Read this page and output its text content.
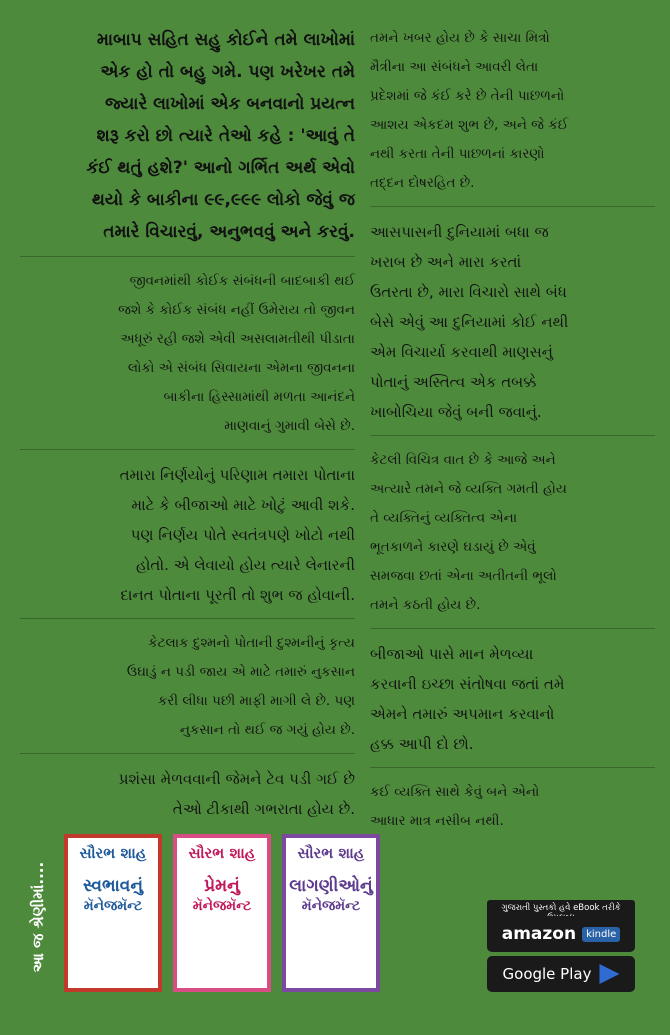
માબાપ સહિત સહુ કોઈને તમે લાખોમાં

એક હો તો બહુ ગમે. પણ ખરેખર તમે

જ્યારે લાખોમાં એક બનવાનો પ્રયત્ન

શરૂ કરો છો ત્યારે તેઓ કહે : 'આવું તે

કંઈ થતું હશે?' આનો ગર્ભિત અર્થ એવો

થયો કે બાકીના ૯૯,૯૯૯ લોકો જેવું જ

તમારે વિચારવું, અનુભવવું અને કરવું.

જીવનમાંથી કોઈક સંબંધની બાદબાકી થઈ

જશે કે કોઈક સંબંધ નહીં ઉમેરાય તો જીવન

અધૂરું રહી જશે એવી અસલામતીથી પીડાતા

લોકો એ સંબંધ સિવાયના એમના જીવનના

બાકીના હિસ્સામાંથી મળતા આનંદને

માણવાનું ગુમાવી બેસે છે.

તમારા નિર્ણયોનું પરિણામ તમારા પોતાના

માટે કે બીજાઓ માટે ખોટું આવી શકે.

પણ નિર્ણય પોતે સ્વતંત્રપણે ખોટો નથી

હોતો. એ લેવાયો હોય ત્યારે લેનારની

દાનત પોતાના પૂરતી તો શુભ જ હોવાની.

કેટલાક દુશ્મનો પોતાની દુશ્મનીનું કૃત્ય

ઉઘાડું ન પડી જાય એ માટે તમારું નુકસાન

કરી લીધા પછી માફી માગી લે છે. પણ

નુકસાન તો થઈ જ ગયું હોય છે.

પ્રશંસા મેળવવાની જેમને ટેવ પડી ગઈ છે

તેઓ ટીકાથી ગભરાતા હોય છે.

તમને ખબર હોય છે કે સાચા મિત્રો

મૈત્રીના આ સંબંધને આવરી લેતા

પ્રદેશમાં જે કંઈ કરે છે તેની પાછળનો

આશય એકદમ શુભ છે, અને જે કંઈ

નથી કરતા તેની પાછળનાં કારણો

તદ્દન દોષરહિત છે.

આસપાસની દુનિયામાં બધા જ

ખરાબ છે અને મારા કરતાં

ઉતરતા છે, મારા વિચારો સાથે બંધ

બેસે એવું આ દુનિયામાં કોઈ નથી

એમ વિચાર્યા કરવાથી માણસનું

પોતાનું અસ્તિત્વ એક તબક્કે

ખાબોચિયા જેવું બની જવાનું.

કેટલી વિચિત્ર વાત છે કે આજે અને

અત્યારે તમને જે વ્યક્તિ ગમતી હોય

તે વ્યક્તિનું વ્યક્તિત્વ એના

ભૂતકાળને કારણે ઘડાયું છે એવું

સમજવા છતાં એના અતીતની ભૂલો

તમને કઠતી હોય છે.

બીજાઓ પાસે માન મેળવ્યા

કરવાની ઇચ્છા સંતોષવા જતાં તમે

એમને તમારું અપમાન કરવાનો

હક્ક આપી દો છો.

કઈ વ્યક્તિ સાથે કેવું બને એનો

આધાર માત્ર નસીબ નથી.

આ જ શ્રેણીમાં....
સૌરભ શાહ
સ્વભાવનું
મૅનેજમૅન્ટ
સૌરભ શાહ
પ્રેમનું
મૅનેજમૅન્ટ
સૌરભ શાહ
લાગણીઓનું
મૅનેજમૅન્ટ	ગુજરાતી પુસ્તકો હવે eBook તરીકે
amazon	kindle
Google Play
